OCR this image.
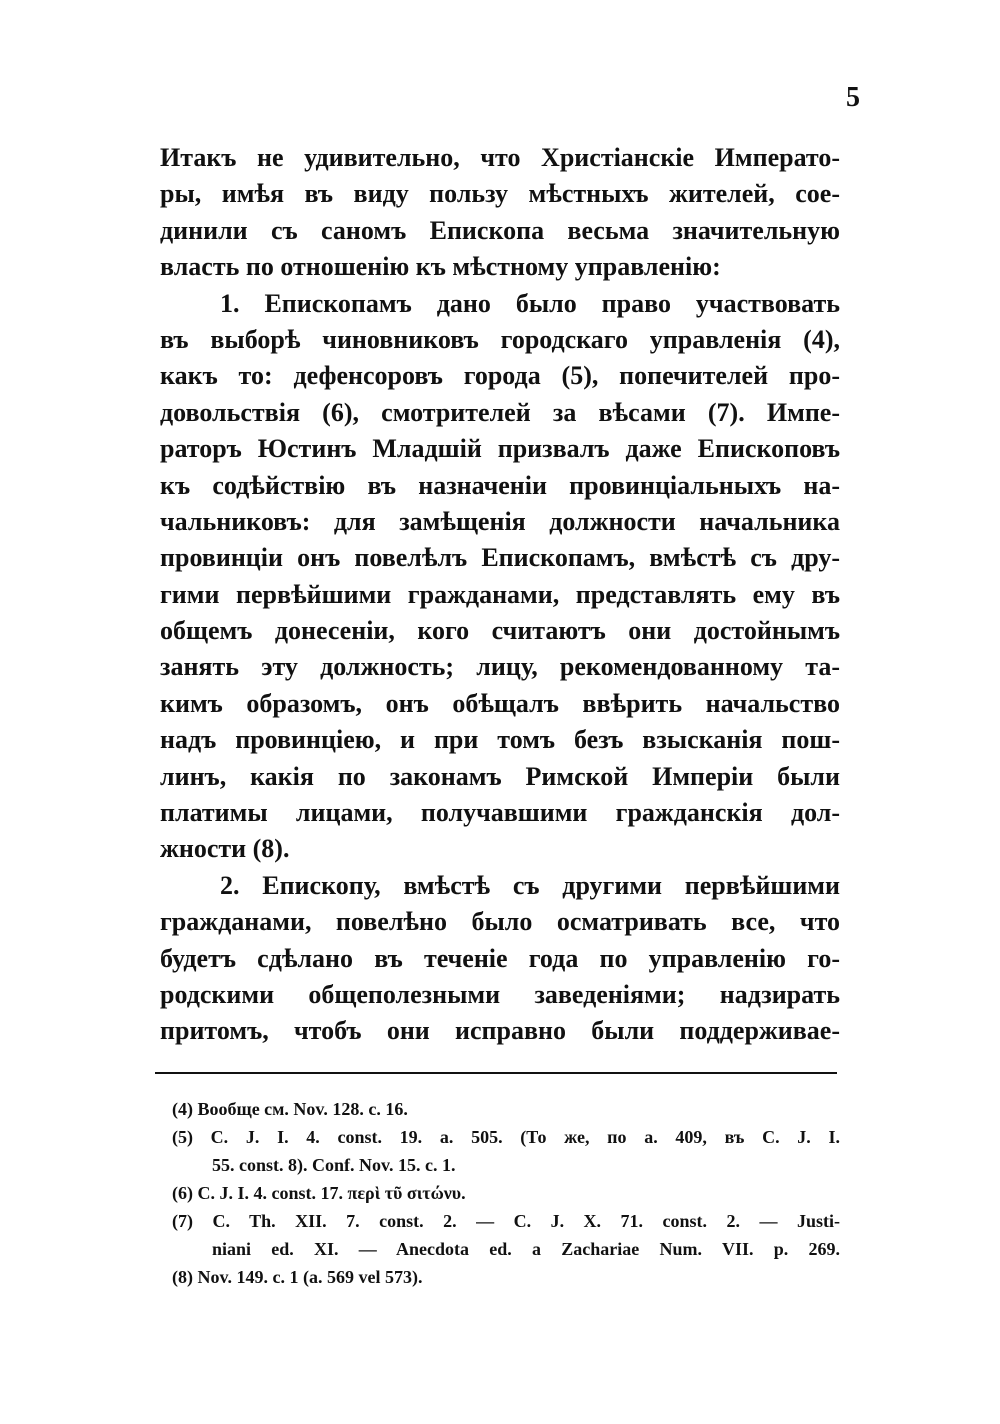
5
Итакъ не удивительно, что Христіанскіе Императо-
ры, имѣя въ виду пользу мѣстныхъ жителей, сое-
динили съ саномъ Епископа весьма значительную
власть по отношенію къ мѣстному управленію:
1. Епископамъ дано было право участвовать
въ выборѣ чиновниковъ городскаго управленія (4),
какъ то: дефенсоровъ города (5), попечителей про-
довольствія (6), смотрителей за вѣсами (7). Импе-
раторъ Юстинъ Младшій призвалъ даже Епископовъ
къ содѣйствію въ назначеніи провинціальныхъ на-
чальниковъ: для замѣщенія должности начальника
провинціи онъ повелѣлъ Епископамъ, вмѣстѣ съ дру-
гими первѣйшими гражданами, представлять ему въ
общемъ донесеніи, кого считаютъ они достойнымъ
занять эту должность; лицу, рекомендованному та-
кимъ образомъ, онъ обѣщалъ ввѣрить начальство
надъ провинціею, и при томъ безъ взысканія пош-
линъ, какія по законамъ Римской Имперіи были
платимы лицами, получавшими гражданскія дол-
жности (8).
2. Епископу, вмѣстѣ съ другими первѣйшими
гражданами, повелѣно было осматривать все, что
будетъ сдѣлано въ теченіе года по управленію го-
родскими общеполезными заведеніями; надзирать
притомъ, чтобъ они исправно были поддерживае-
(4) Вообще см. Nov. 128. c. 16.
(5) C. J. I. 4. const. 19. a. 505. (То же, по a. 409, въ C. J. I.
55. const. 8). Conf. Nov. 15. c. 1.
(6) C. J. I. 4. const. 17. περὶ τῦ σιτώνυ.
(7) C. Th. XII. 7. const. 2. — C. J. X. 71. const. 2. — Justi-
niani ed. XI. — Anecdota ed. a Zachariae Num. VII. p. 269.
(8) Nov. 149. c. 1 (a. 569 vel 573).
